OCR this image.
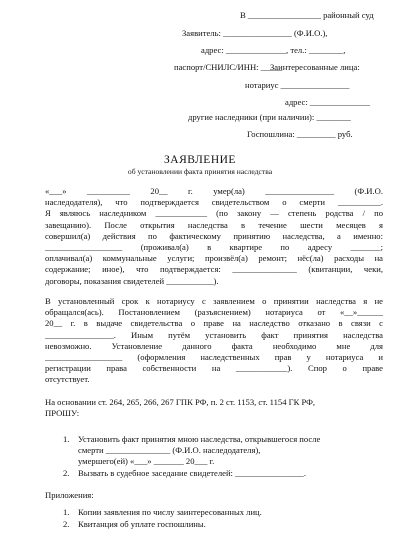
В _________________ районный суд
Заявитель: ________________ (Ф.И.О.),
адрес: ______________, тел.: ________,
паспорт/СНИЛС/ИНН: _____
Заинтересованные лица:
нотариус ________________
адрес: ______________
другие наследники (при наличии): ________
Госпошлина: _________ руб.
ЗАЯВЛЕНИЕ
об установлении факта принятия наследства
«___» __________ 20__ г. умер(ла) ________________ (Ф.И.О.
наследодателя), что подтверждается свидетельством о смерти __________.
Я являюсь наследником ____________ (по закону — степень родства / по
завещанию). После открытия наследства в течение шести месяцев я
совершил(а) действия по фактическому принятию наследства, а именно:
__________________ (проживал(а) в квартире по адресу _______;
оплачивал(а) коммунальные услуги; произвёл(а) ремонт; нёс(ла) расходы на
содержание; иное), что подтверждается: _______________ (квитанции, чеки,
договоры, показания свидетелей ___________).
В установленный срок к нотариусу с заявлением о принятии наследства я не
обращался(ась). Постановлением (разъяснением) нотариуса от «__»______
20__ г. в выдаче свидетельства о праве на наследство отказано в связи с
________________. Иным путём установить факт принятия наследства
невозможно. Установление данного факта необходимо мне для
__________________ (оформления наследственных прав у нотариуса и
регистрации права собственности на ____________). Спор о праве
отсутствует.
На основании ст. 264, 265, 266, 267 ГПК РФ, п. 2 ст. 1153, ст. 1154 ГК РФ,
ПРОШУ:
1. Установить факт принятия мною наследства, открывшегося после
смерти _______________ (Ф.И.О. наследодателя),
умершего(ей) «___» _______ 20___ г.
2. Вызвать в судебное заседание свидетелей: ________________.
Приложения:
1. Копии заявления по числу заинтересованных лиц.
2. Квитанция об уплате госпошлины.
